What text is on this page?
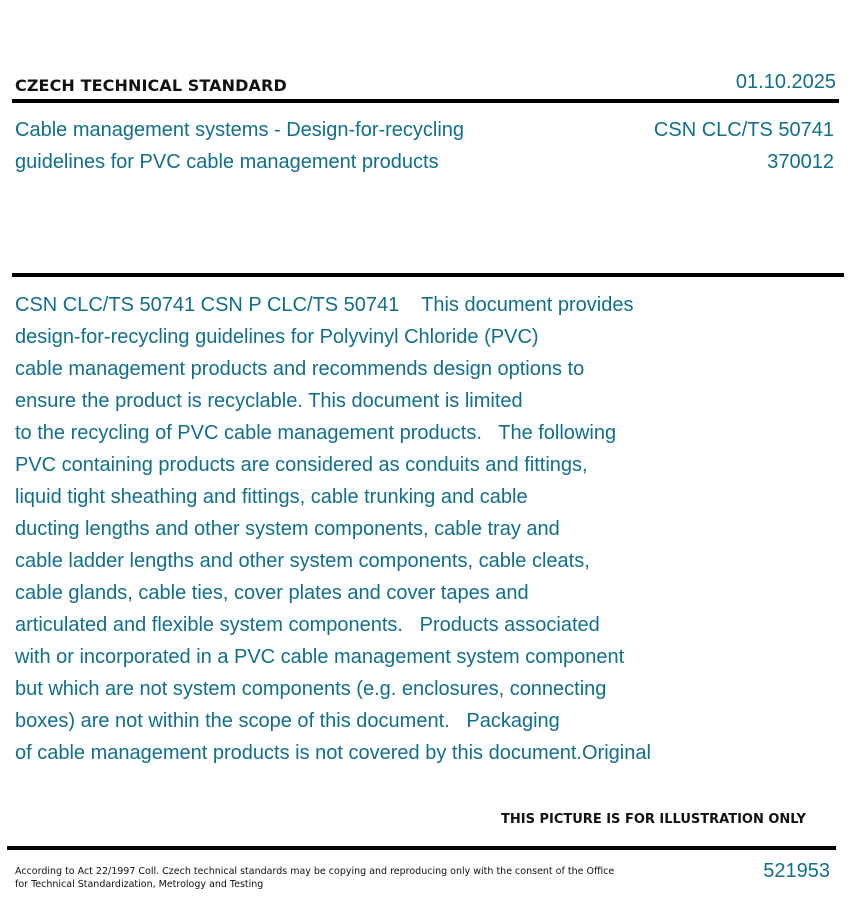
CZECH TECHNICAL STANDARD	01.10.2025
Cable management systems - Design-for-recycling
guidelines for PVC cable management products
CSN CLC/TS 50741
370012
CSN CLC/TS 50741 CSN P CLC/TS 50741    This document provides
design-for-recycling guidelines for Polyvinyl Chloride (PVC)
cable management products and recommends design options to
ensure the product is recyclable. This document is limited
to the recycling of PVC cable management products.   The following
PVC containing products are considered as conduits and fittings,
liquid tight sheathing and fittings, cable trunking and cable
ducting lengths and other system components, cable tray and
cable ladder lengths and other system components, cable cleats,
cable glands, cable ties, cover plates and cover tapes and
articulated and flexible system components.   Products associated
with or incorporated in a PVC cable management system component
but which are not system components (e.g. enclosures, connecting
boxes) are not within the scope of this document.   Packaging
of cable management products is not covered by this document.Original
THIS PICTURE IS FOR ILLUSTRATION ONLY
According to Act 22/1997 Coll. Czech technical standards may be copying and reproducing only with the consent of the Office
for Technical Standardization, Metrology and Testing
521953
